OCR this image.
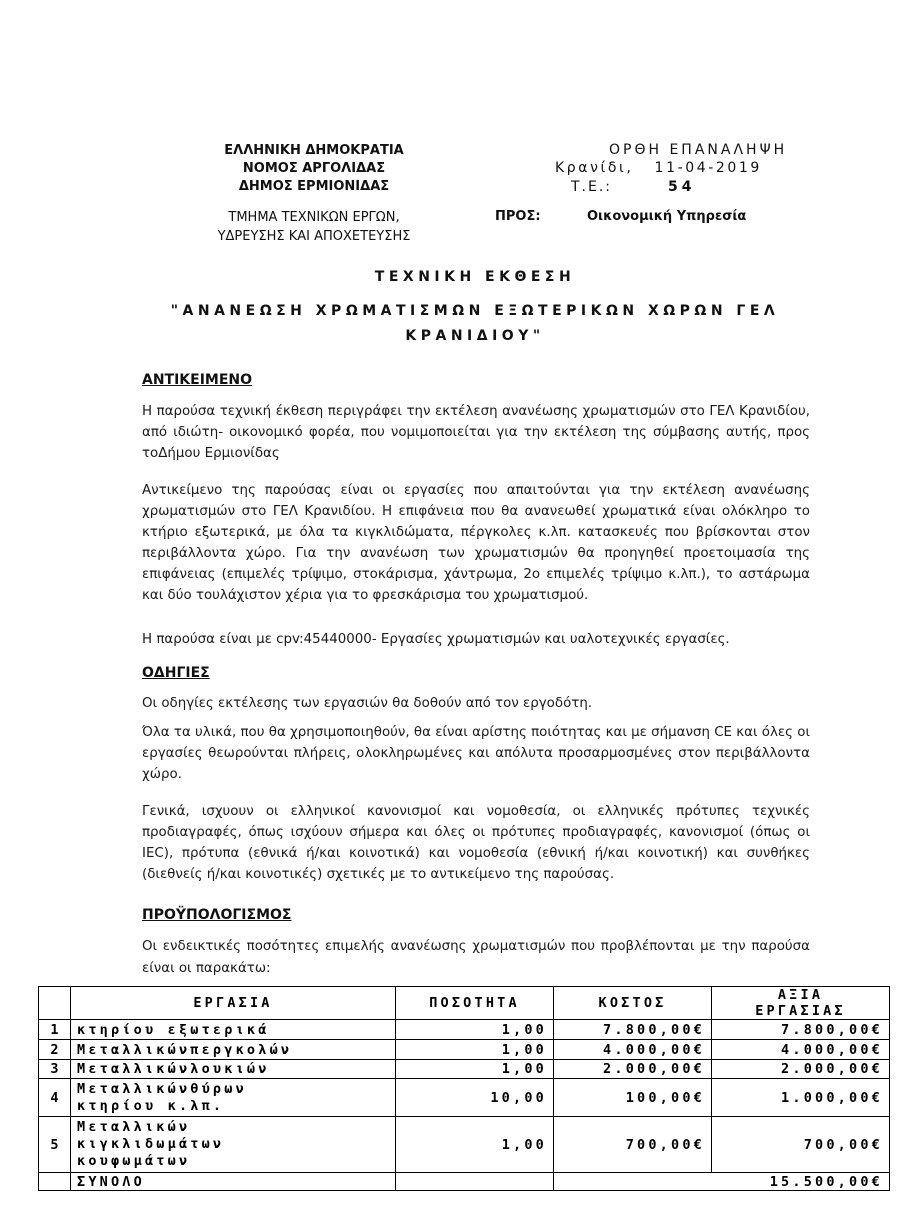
ΕΛΛΗΝΙΚΗ ΔΗΜΟΚΡΑΤΙΑ
ΝΟΜΟΣ ΑΡΓΟΛΙΔΑΣ
ΔΗΜΟΣ ΕΡΜΙΟΝΙΔΑΣ
ΤΜΗΜΑ ΤΕΧΝΙΚΩΝ ΕΡΓΩΝ,
ΥΔΡΕΥΣΗΣ ΚΑΙ ΑΠΟΧΕΤΕΥΣΗΣ
ΟΡΘΗ ΕΠΑΝΑΛΗΨΗ
Κρανίδι,   11-04-2019
Τ.Ε.:	54
ΠΡΟΣ:	Οικονομική Υπηρεσία
ΤΕΧΝΙΚΗ ΕΚΘΕΣΗ
"ΑΝΑΝΕΩΣΗ ΧΡΩΜΑΤΙΣΜΩΝ ΕΞΩΤΕΡΙΚΩΝ ΧΩΡΩΝ ΓΕΛ
ΚΡΑΝΙΔΙΟΥ"
ΑΝΤΙΚΕΙΜΕΝΟ
Η παρούσα τεχνική έκθεση περιγράφει την εκτέλεση ανανέωσης χρωματισμών στο ΓΕΛ Κρανιδίου, από ιδιώτη- οικονομικό φορέα, που νομιμοποιείται για την εκτέλεση της σύμβασης αυτής, προς τοΔήμου Ερμιονίδας
Αντικείμενο της παρούσας είναι οι εργασίες που απαιτούνται για την εκτέλεση ανανέωσης χρωματισμών στο ΓΕΛ Κρανιδίου. Η επιφάνεια που θα ανανεωθεί χρωματικά είναι ολόκληρο το κτήριο εξωτερικά, με όλα τα κιγκλιδώματα, πέργκολες κ.λπ. κατασκευές που βρίσκονται στον περιβάλλοντα χώρο. Για την ανανέωση των χρωματισμών θα προηγηθεί προετοιμασία της επιφάνειας (επιμελές τρίψιμο, στοκάρισμα, χάντρωμα, 2ο επιμελές τρίψιμο κ.λπ.), το αστάρωμα και δύο τουλάχιστον χέρια για το φρεσκάρισμα του χρωματισμού.
Η παρούσα είναι με cpv:45440000- Εργασίες χρωματισμών και υαλοτεχνικές εργασίες.
ΟΔΗΓΙΕΣ
Οι οδηγίες εκτέλεσης των εργασιών θα δοθούν από τον εργοδότη.
Όλα τα υλικά, που θα χρησιμοποιηθούν, θα είναι αρίστης ποιότητας και με σήμανση CE και όλες οι εργασίες θεωρούνται πλήρεις, ολοκληρωμένες και απόλυτα προσαρμοσμένες στον περιβάλλοντα χώρο.
Γενικά, ισχυουν οι ελληνικοί κανονισμοί και νομοθεσία, οι ελληνικές πρότυπες τεχνικές προδιαγραφές, όπως ισχύουν σήμερα και όλες οι πρότυπες προδιαγραφές, κανονισμοί (όπως οι IEC), πρότυπα (εθνικά ή/και κοινοτικά) και νομοθεσία (εθνική ή/και κοινοτική) και συνθήκες (διεθνείς ή/και κοινοτικές) σχετικές με το αντικείμενο της παρούσας.
ΠΡΟΫΠΟΛΟΓΙΣΜΟΣ
Οι ενδεικτικές ποσότητες επιμελής ανανέωσης χρωματισμών που προβλέπονται με την παρούσα είναι οι παρακάτω:
	ΕΡΓΑΣΙΑ	ΠΟΣΟΤΗΤΑ	ΚΟΣΤΟΣ	ΑΞΙΑ
ΕΡΓΑΣΙΑΣ

1	κτηρίου εξωτερικά	1,00	7.800,00€	7.800,00€
2	Μεταλλικώνπεργκολών	1,00	4.000,00€	4.000,00€
3	Μεταλλικώνλουκιών	1,00	2.000,00€	2.000,00€
4	Μεταλλικώνθύρων
κτηρίου κ.λπ.	10,00	100,00€	1.000,00€
5	Μεταλλικών
κιγκλιδωμάτων
κουφωμάτων	1,00	700,00€	700,00€
	ΣΥΝΟΛΟ		15.500,00€	
